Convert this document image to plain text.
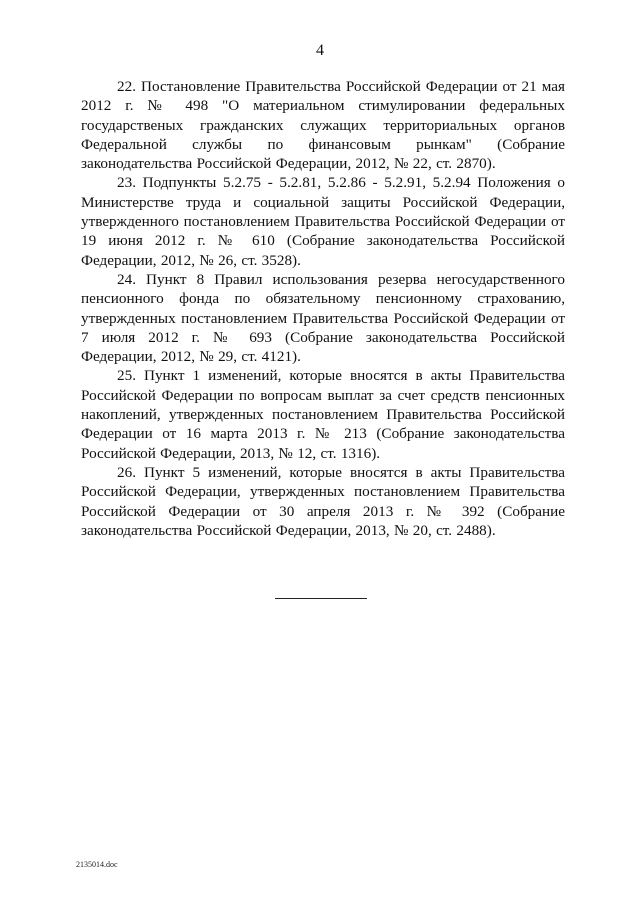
4

22. Постановление Правительства Российской Федерации от 21 мая 2012 г. № 498 "О материальном стимулировании федеральных государственых гражданских служащих территориальных органов Федеральной службы по финансовым рынкам" (Собрание законодательства Российской Федерации, 2012, № 22, ст. 2870).

23. Подпункты 5.2.75 - 5.2.81, 5.2.86 - 5.2.91, 5.2.94 Положения о Министерстве труда и социальной защиты Российской Федерации, утвержденного постановлением Правительства Российской Федерации от 19 июня 2012 г. № 610 (Собрание законодательства Российской Федерации, 2012, № 26, ст. 3528).

24. Пункт 8 Правил использования резерва негосударственного пенсионного фонда по обязательному пенсионному страхованию, утвержденных постановлением Правительства Российской Федерации от 7 июля 2012 г. № 693 (Собрание законодательства Российской Федерации, 2012, № 29, ст. 4121).

25. Пункт 1 изменений, которые вносятся в акты Правительства Российской Федерации по вопросам выплат за счет средств пенсионных накоплений, утвержденных постановлением Правительства Российской Федерации от 16 марта 2013 г. № 213 (Собрание законодательства Российской Федерации, 2013, № 12, ст. 1316).

26. Пункт 5 изменений, которые вносятся в акты Правительства Российской Федерации, утвержденных постановлением Правительства Российской Федерации от 30 апреля 2013 г. № 392 (Собрание законодательства Российской Федерации, 2013, № 20, ст. 2488).

2135014.doc
